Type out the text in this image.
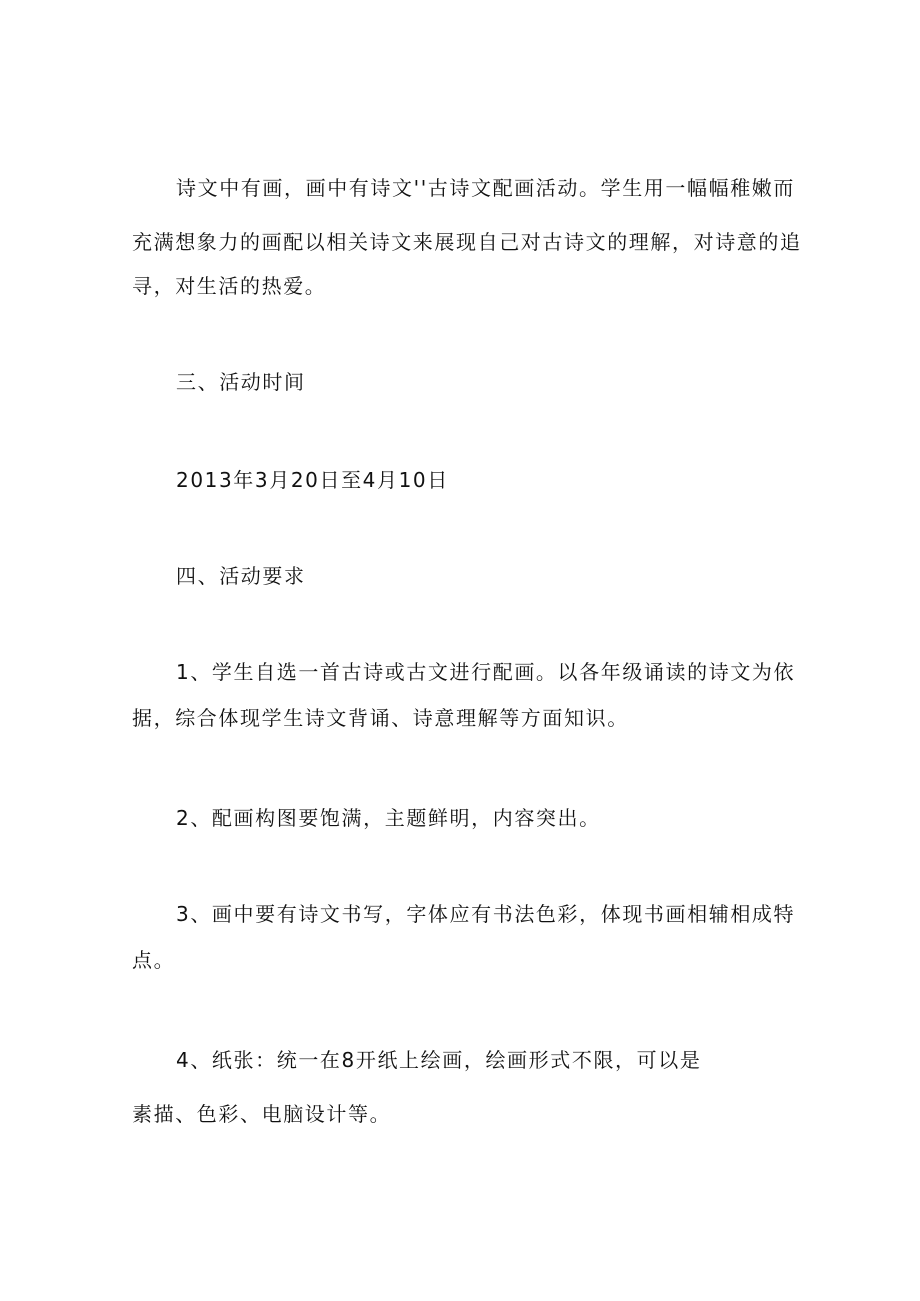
诗文中有画，画中有诗文''古诗文配画活动。学生用一幅幅稚嫩而
充满想象力的画配以相关诗文来展现自己对古诗文的理解，对诗意的追
寻，对生活的热爱。
三、活动时间
2013年3月20日至4月10日
四、活动要求
1、学生自选一首古诗或古文进行配画。以各年级诵读的诗文为依
据，综合体现学生诗文背诵、诗意理解等方面知识。
2、配画构图要饱满，主题鲜明，内容突出。
3、画中要有诗文书写，字体应有书法色彩，体现书画相辅相成特
点。
4、纸张：统一在8开纸上绘画，绘画形式不限，可以是
素描、色彩、电脑设计等。
